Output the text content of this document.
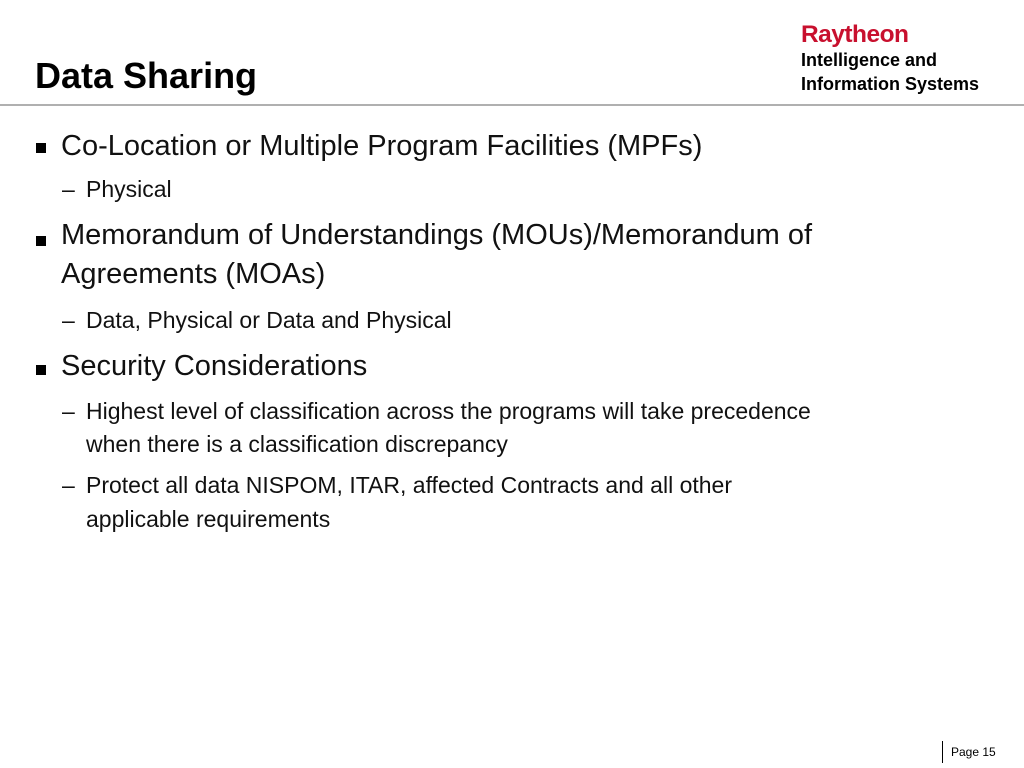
Data Sharing
Raytheon
Intelligence and
Information Systems
Co-Location or Multiple Program Facilities (MPFs)
– Physical
Memorandum of Understandings (MOUs)/Memorandum of
Agreements (MOAs)
– Data, Physical or Data and Physical
Security Considerations
– Highest level of classification across the programs will take precedence
when there is a classification discrepancy
– Protect all data NISPOM, ITAR, affected Contracts and all other
applicable requirements
Page 15
